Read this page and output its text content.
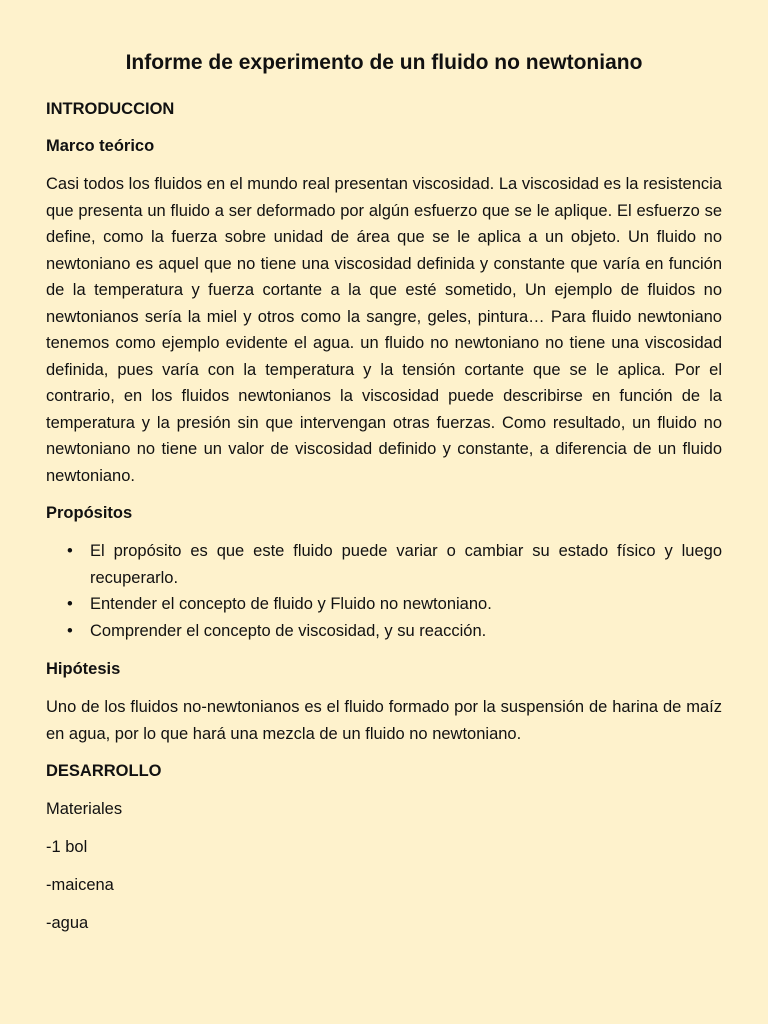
Informe de experimento de un fluido no newtoniano
INTRODUCCION
Marco teórico

Casi todos los fluidos en el mundo real presentan viscosidad. La viscosidad es la resistencia que presenta un fluido a ser deformado por algún esfuerzo que se le aplique. El esfuerzo se define, como la fuerza sobre unidad de área que se le aplica a un objeto. Un fluido no newtoniano es aquel que no tiene una viscosidad definida y constante que varía en función de la temperatura y fuerza cortante a la que esté sometido, Un ejemplo de fluidos no newtonianos sería la miel y otros como la sangre, geles, pintura… Para fluido newtoniano tenemos como ejemplo evidente el agua. un fluido no newtoniano no tiene una viscosidad definida, pues varía con la temperatura y la tensión cortante que se le aplica. Por el contrario, en los fluidos newtonianos la viscosidad puede describirse en función de la temperatura y la presión sin que intervengan otras fuerzas. Como resultado, un fluido no newtoniano no tiene un valor de viscosidad definido y constante, a diferencia de un fluido newtoniano.

Propósitos
• El propósito es que este fluido puede variar o cambiar su estado físico y luego recuperarlo.
• Entender el concepto de fluido y Fluido no newtoniano.
• Comprender el concepto de viscosidad, y su reacción.
Hipótesis

Uno de los fluidos no-newtonianos es el fluido formado por la suspensión de harina de maíz en agua, por lo que hará una mezcla de un fluido no newtoniano.

DESARROLLO
Materiales
-1 bol
-maicena
-agua
